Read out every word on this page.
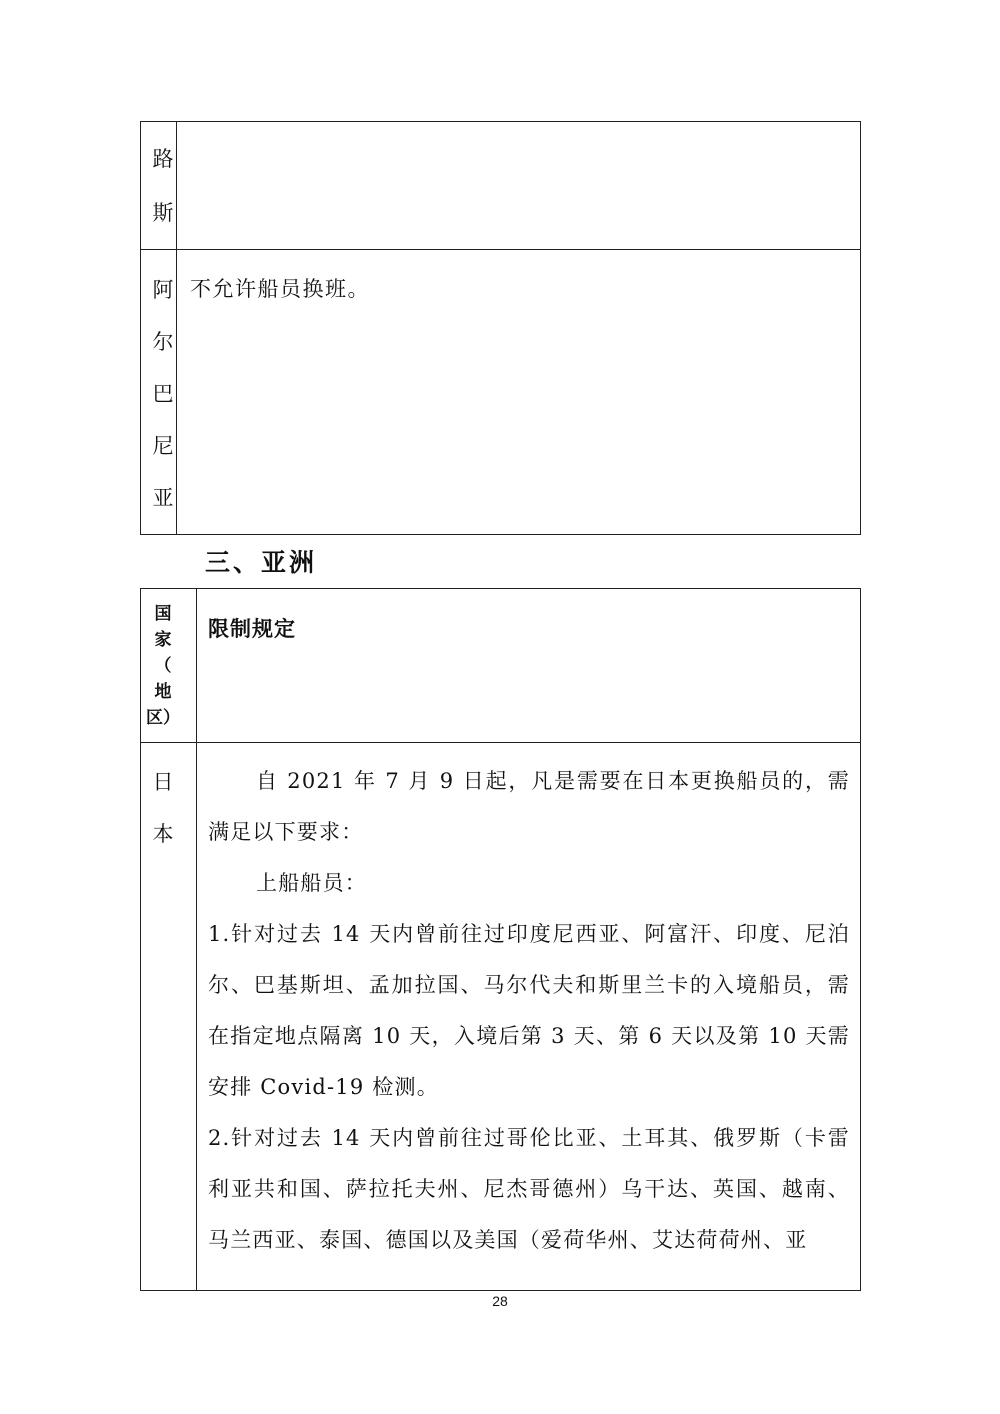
路
斯
阿
尔
巴
尼
亚
不允许船员换班。
三、亚洲
国
家
（
地
区）
限制规定
日
本

自 2021 年 7 月 9 日起，凡是需要在日本更换船员的，需满足以下要求：

上船船员：

1.针对过去 14 天内曾前往过印度尼西亚、阿富汗、印度、尼泊尔、巴基斯坦、孟加拉国、马尔代夫和斯里兰卡的入境船员，需在指定地点隔离 10 天，入境后第 3 天、第 6 天以及第 10 天需安排 Covid-19 检测。

2.针对过去 14 天内曾前往过哥伦比亚、土耳其、俄罗斯（卡雷利亚共和国、萨拉托夫州、尼杰哥德州）乌干达、英国、越南、马兰西亚、泰国、德国以及美国（爱荷华州、艾达荷荷州、亚

28
